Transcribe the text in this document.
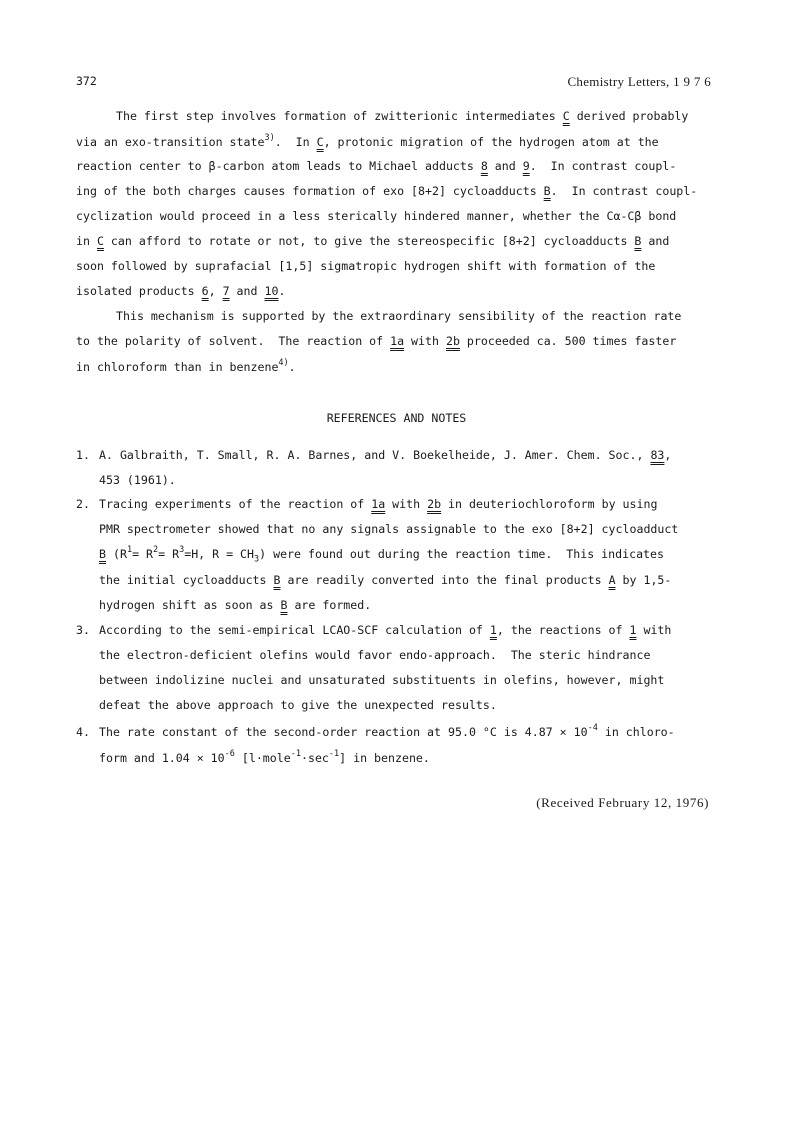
372	Chemistry Letters, 1 9 7 6
The first step involves formation of zwitterionic intermediates C derived probably
via an exo-transition state$^{3)}$.  In C, protonic migration of the hydrogen atom at the
reaction center to β-carbon atom leads to Michael adducts 8 and 9.  In contrast coupl-
ing of the both charges causes formation of exo [8+2] cycloadducts B.  In contrast coupl-
cyclization would proceed in a less sterically hindered manner, whether the Cα-Cβ bond
in C can afford to rotate or not, to give the stereospecific [8+2] cycloadducts B and
soon followed by suprafacial [1,5] sigmatropic hydrogen shift with formation of the
isolated products 6, 7 and 10.
This mechanism is supported by the extraordinary sensibility of the reaction rate
to the polarity of solvent.  The reaction of 1a with 2b proceeded ca. 500 times faster
in chloroform than in benzene$^{4)}$.
REFERENCES AND NOTES
1. A. Galbraith, T. Small, R. A. Barnes, and V. Boekelheide, J. Amer. Chem. Soc., 83,
453 (1961).
2. Tracing experiments of the reaction of 1a with 2b in deuteriochloroform by using
PMR spectrometer showed that no any signals assignable to the exo [8+2] cycloadduct
B ($R^1= R^2= R^3=H$, $R = CH_3$) were found out during the reaction time.  This indicates
the initial cycloadducts B are readily converted into the final products A by 1,5-
hydrogen shift as soon as B are formed.
3. According to the semi-empirical LCAO-SCF calculation of 1, the reactions of 1 with
the electron-deficient olefins would favor endo-approach.  The steric hindrance
between indolizine nuclei and unsaturated substituents in olefins, however, might
defeat the above approach to give the unexpected results.
4. The rate constant of the second-order reaction at 95.0 °C is $4.87 \times 10^{-4}$ in chloro-
form and $1.04 \times 10^{-6}$ $[l\cdot mole^{-1}\cdot\sec^{-1}]$ in benzene.
(Received February 12, 1976)
